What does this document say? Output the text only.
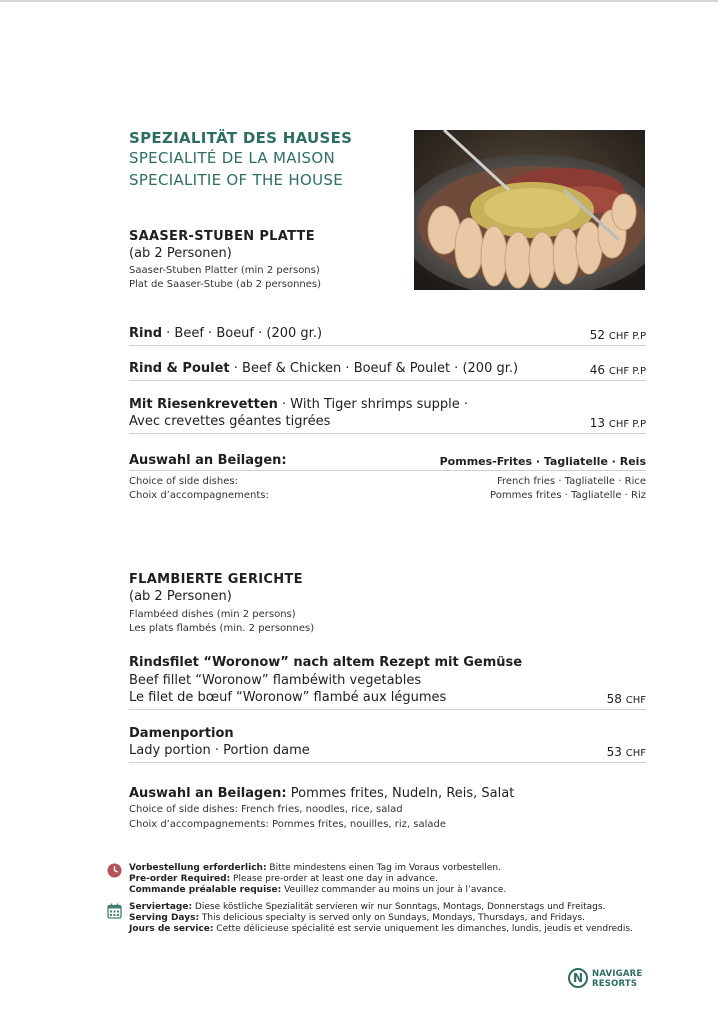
SPEZIALITÄT DES HAUSES
SPECIALITÉ DE LA MAISON
SPECIALITIE OF THE HOUSE
SAASER-STUBEN PLATTE
(ab 2 Personen)
Saaser-Stuben Platter (min 2 persons)
Plat de Saaser-Stube (ab 2 personnes)
Rind · Beef · Boeuf · (200 gr.)	52 CHF P.P
Rind & Poulet · Beef & Chicken · Boeuf & Poulet · (200 gr.)	46 CHF P.P
Mit Riesenkrevetten · With Tiger shrimps supple ·
Avec crevettes géantes tigrées	13 CHF P.P
Auswahl an Beilagen:	Pommes-Frites · Tagliatelle · Reis
Choice of side dishes:	French fries · Tagliatelle · Rice
Choix d’accompagnements:	Pommes frites · Tagliatelle · Riz
FLAMBIERTE GERICHTE
(ab 2 Personen)
Flambéed dishes (min 2 persons)
Les plats flambés (min. 2 personnes)
Rindsfilet “Woronow” nach altem Rezept mit Gemüse
Beef fillet “Woronow” flambéwith vegetables
Le filet de bœuf “Woronow” flambé aux légumes	58 CHF
Damenportion
Lady portion · Portion dame	53 CHF
Auswahl an Beilagen: Pommes frites, Nudeln, Reis, Salat
Choice of side dishes: French fries, noodles, rice, salad
Choix d’accompagnements: Pommes frites, nouilles, riz, salade
Vorbestellung erforderlich: Bitte mindestens einen Tag im Voraus vorbestellen.
Pre-order Required: Please pre-order at least one day in advance.
Commande préalable requise: Veuillez commander au moins un jour à l’avance.
Serviertage: Diese köstliche Spezialität servieren wir nur Sonntags, Montags, Donnerstags und Freitags.
Serving Days: This delicious specialty is served only on Sundays, Mondays, Thursdays, and Fridays.
Jours de service: Cette délicieuse spécialité est servie uniquement les dimanches, lundis, jeudis et vendredis.
N	NAVIGARE
RESORTS
